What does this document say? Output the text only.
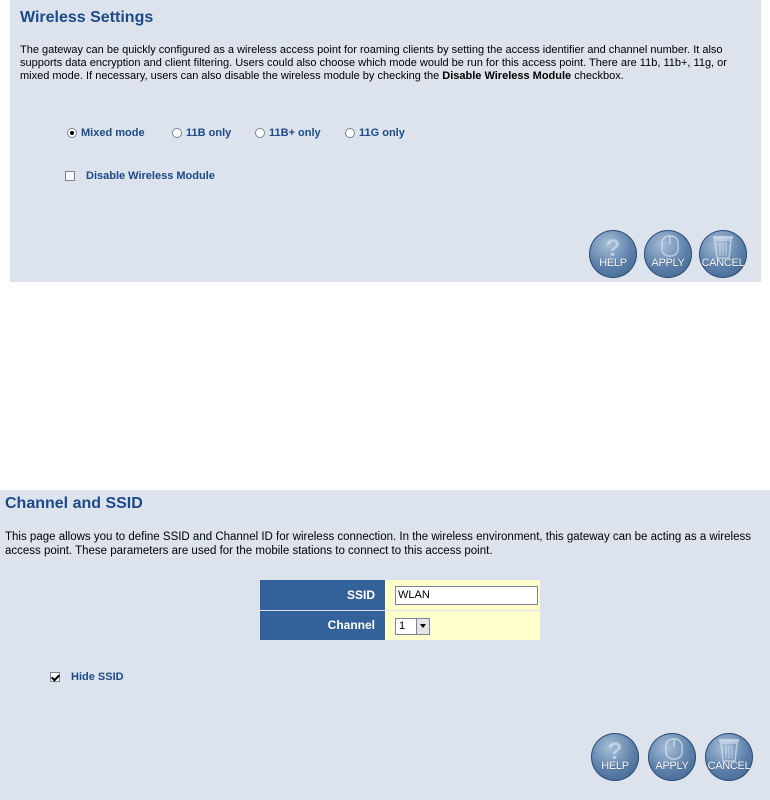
Wireless Settings
The gateway can be quickly configured as a wireless access point for roaming clients by setting the access identifier and channel number. It also supports data encryption and client filtering. Users could also choose which mode would be run for this access point. There are 11b, 11b+, 11g, or mixed mode. If necessary, users can also disable the wireless module by checking the Disable Wireless Module checkbox.
Mixed mode	11B only	11B+ only	11G only
Disable Wireless Module
?
HELP	APPLY	CANCEL
Channel and SSID
This page allows you to define SSID and Channel ID for wireless connection. In the wireless environment, this gateway can be acting as a wireless access point. These parameters are used for the mobile stations to connect to this access point.
Hide SSID
?
HELP	APPLY	CANCEL
SSID	WLAN
Channel	1
